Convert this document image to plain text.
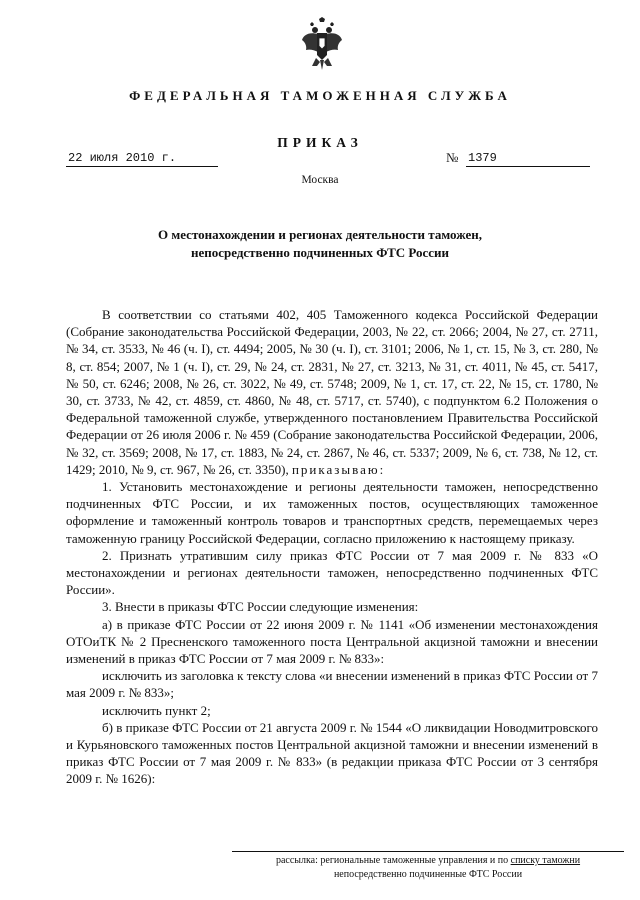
ФЕДЕРАЛЬНАЯ ТАМОЖЕННАЯ СЛУЖБА
ПРИКАЗ
22 июля 2010 г.	№ 1379
Москва
О местонахождении и регионах деятельности таможен,
непосредственно подчиненных ФТС России

В соответствии со статьями 402, 405 Таможенного кодекса Российской Федерации (Собрание законодательства Российской Федерации, 2003, № 22, ст. 2066; 2004, № 27, ст. 2711, № 34, ст. 3533, № 46 (ч. I), ст. 4494; 2005, № 30 (ч. I), ст. 3101; 2006, № 1, ст. 15, № 3, ст. 280, № 8, ст. 854; 2007, № 1 (ч. I), ст. 29, № 24, ст. 2831, № 27, ст. 3213, № 31, ст. 4011, № 45, ст. 5417, № 50, ст. 6246; 2008, № 26, ст. 3022, № 49, ст. 5748; 2009, № 1, ст. 17, ст. 22, № 15, ст. 1780, № 30, ст. 3733, № 42, ст. 4859, ст. 4860, № 48, ст. 5717, ст. 5740), с подпунктом 6.2 Положения о Федеральной таможенной службе, утвержденного постановлением Правительства Российской Федерации от 26 июля 2006 г. № 459 (Собрание законодательства Российской Федерации, 2006, № 32, ст. 3569; 2008, № 17, ст. 1883, № 24, ст. 2867, № 46, ст. 5337; 2009, № 6, ст. 738, № 12, ст. 1429; 2010, № 9, ст. 967, № 26, ст. 3350), приказываю:

1. Установить местонахождение и регионы деятельности таможен, непосредственно подчиненных ФТС России, и их таможенных постов, осуществляющих таможенное оформление и таможенный контроль товаров и транспортных средств, перемещаемых через таможенную границу Российской Федерации, согласно приложению к настоящему приказу.

2. Признать утратившим силу приказ ФТС России от 7 мая 2009 г. № 833 «О местонахождении и регионах деятельности таможен, непосредственно подчиненных ФТС России».

3. Внести в приказы ФТС России следующие изменения:

а) в приказе ФТС России от 22 июня 2009 г. № 1141 «Об изменении местонахождения ОТОиТК № 2 Пресненского таможенного поста Центральной акцизной таможни и внесении изменений в приказ ФТС России от 7 мая 2009 г. № 833»:

исключить из заголовка к тексту слова «и внесении изменений в приказ ФТС России от 7 мая 2009 г. № 833»;

исключить пункт 2;

б) в приказе ФТС России от 21 августа 2009 г. № 1544 «О ликвидации Новодмитровского и Курьяновского таможенных постов Центральной акцизной таможни и внесении изменений в приказ ФТС России от 7 мая 2009 г. № 833» (в редакции приказа ФТС России от 3 сентября 2009 г. № 1626):

рассылка: региональные таможенные управления и по списку таможни
непосредственно подчиненные ФТС России
